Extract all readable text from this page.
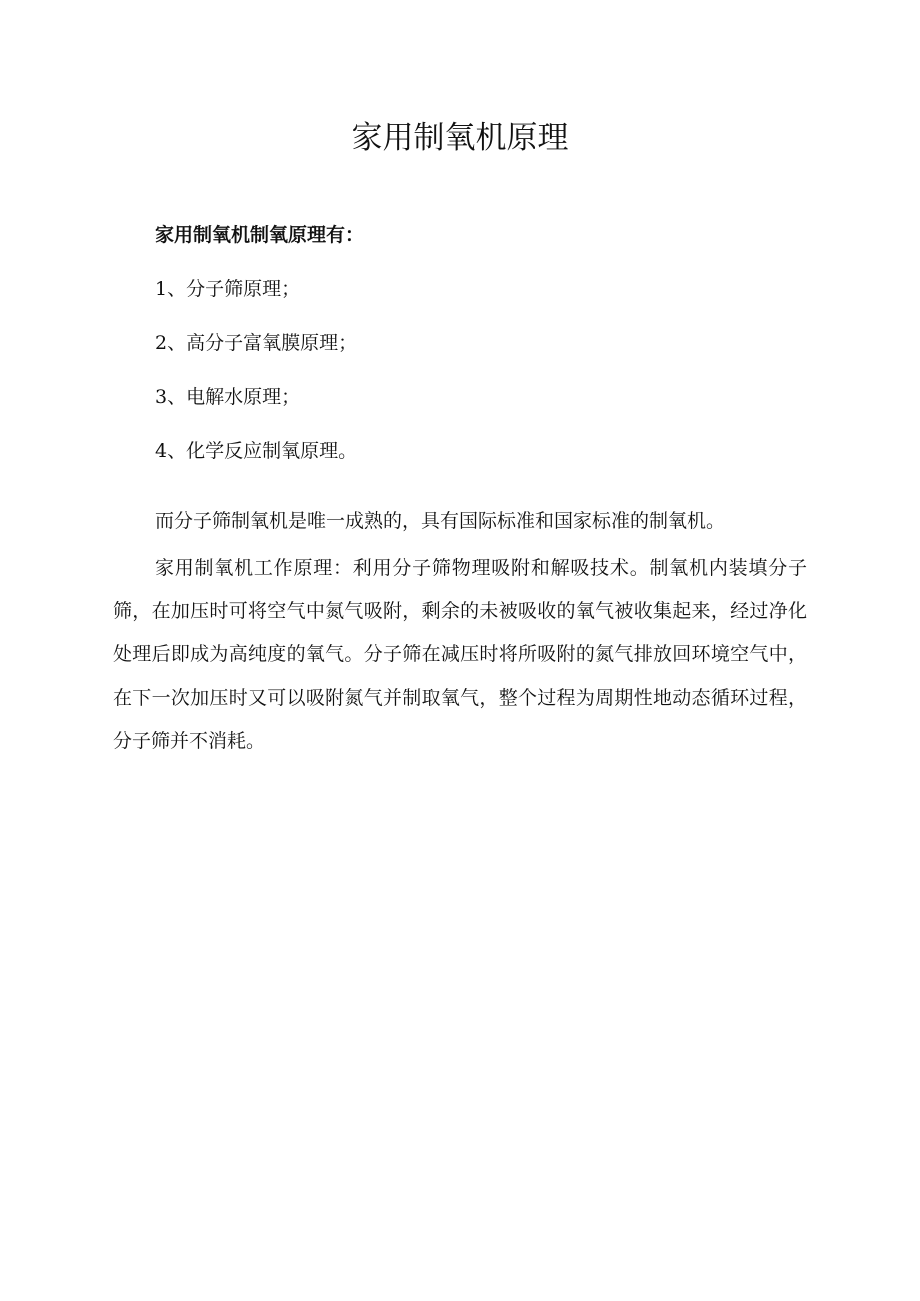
家用制氧机原理

家用制氧机制氧原理有：

1、分子筛原理；

2、高分子富氧膜原理；

3、电解水原理；

4、化学反应制氧原理。

而分子筛制氧机是唯一成熟的，具有国际标准和国家标准的制氧机。

家用制氧机工作原理：利用分子筛物理吸附和解吸技术。制氧机内装填分子筛，在加压时可将空气中氮气吸附，剩余的未被吸收的氧气被收集起来，经过净化处理后即成为高纯度的氧气。分子筛在减压时将所吸附的氮气排放回环境空气中，在下一次加压时又可以吸附氮气并制取氧气，整个过程为周期性地动态循环过程，分子筛并不消耗。
